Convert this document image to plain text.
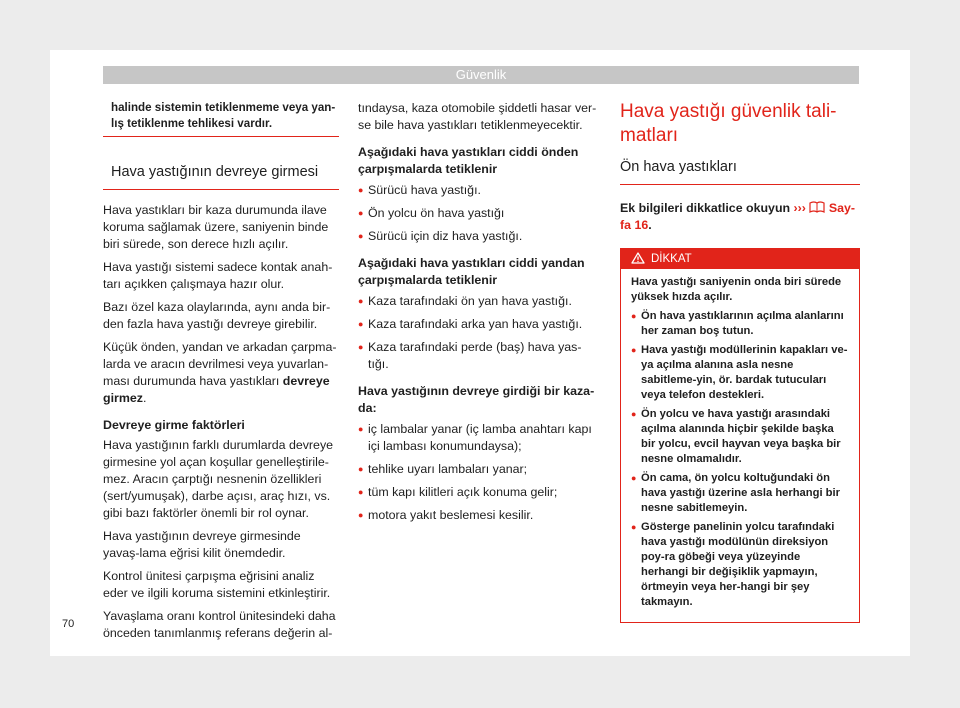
Güvenlik
halinde sistemin tetiklenmeme veya yan-lış tetiklenme tehlikesi vardır.
Hava yastığının devreye girmesi

Hava yastıkları bir kaza durumunda ilave koruma sağlamak üzere, saniyenin binde biri sürede, son derece hızlı açılır.

Hava yastığı sistemi sadece kontak anah-tarı açıkken çalışmaya hazır olur.

Bazı özel kaza olaylarında, aynı anda bir-den fazla hava yastığı devreye girebilir.

Küçük önden, yandan ve arkadan çarpma-larda ve aracın devrilmesi veya yuvarlan-ması durumunda hava yastıkları devreye girmez.

Devreye girme faktörleri

Hava yastığının farklı durumlarda devreye girmesine yol açan koşullar genelleştirile-mez. Aracın çarptığı nesnenin özellikleri (sert/yumuşak), darbe açısı, araç hızı, vs. gibi bazı faktörler önemli bir rol oynar.

Hava yastığının devreye girmesinde yavaş-lama eğrisi kilit önemdedir.

Kontrol ünitesi çarpışma eğrisini analiz eder ve ilgili koruma sistemini etkinleştirir.

Yavaşlama oranı kontrol ünitesindeki daha önceden tanımlanmış referans değerin al-

tındaysa, kaza otomobile şiddetli hasar ver-se bile hava yastıkları tetiklenmeyecektir.

Aşağıdaki hava yastıkları ciddi önden çarpışmalarda tetiklenir

● Sürücü hava yastığı.

● Ön yolcu ön hava yastığı

● Sürücü için diz hava yastığı.

Aşağıdaki hava yastıkları ciddi yandan çarpışmalarda tetiklenir

● Kaza tarafındaki ön yan hava yastığı.

● Kaza tarafındaki arka yan hava yastığı.

● Kaza tarafındaki perde (baş) hava yas-tığı.

Hava yastığının devreye girdiği bir kaza-da:

● iç lambalar yanar (iç lamba anahtarı kapı içi lambası konumundaysa);

● tehlike uyarı lambaları yanar;

● tüm kapı kilitleri açık konuma gelir;

● motora yakıt beslemesi kesilir.

Hava yastığı güvenlik tali-matları
Ön hava yastıkları

Ek bilgileri dikkatlice okuyun ››› Say-
fa 16.

DİKKAT

Hava yastığı saniyenin onda biri sürede yüksek hızda açılır.

● Ön hava yastıklarının açılma alanlarını her zaman boş tutun.

● Hava yastığı modüllerinin kapakları ve-ya açılma alanına asla nesne sabitleme-yin, ör. bardak tutucuları veya telefon destekleri.

● Ön yolcu ve hava yastığı arasındaki açılma alanında hiçbir şekilde başka bir yolcu, evcil hayvan veya başka bir nesne olmamalıdır.

● Ön cama, ön yolcu koltuğundaki ön hava yastığı üzerine asla herhangi bir nesne sabitlemeyin.

● Gösterge panelinin yolcu tarafındaki hava yastığı modülünün direksiyon poy-ra göbeği veya yüzeyinde herhangi bir değişiklik yapmayın, örtmeyin veya her-hangi bir şey takmayın.

70
